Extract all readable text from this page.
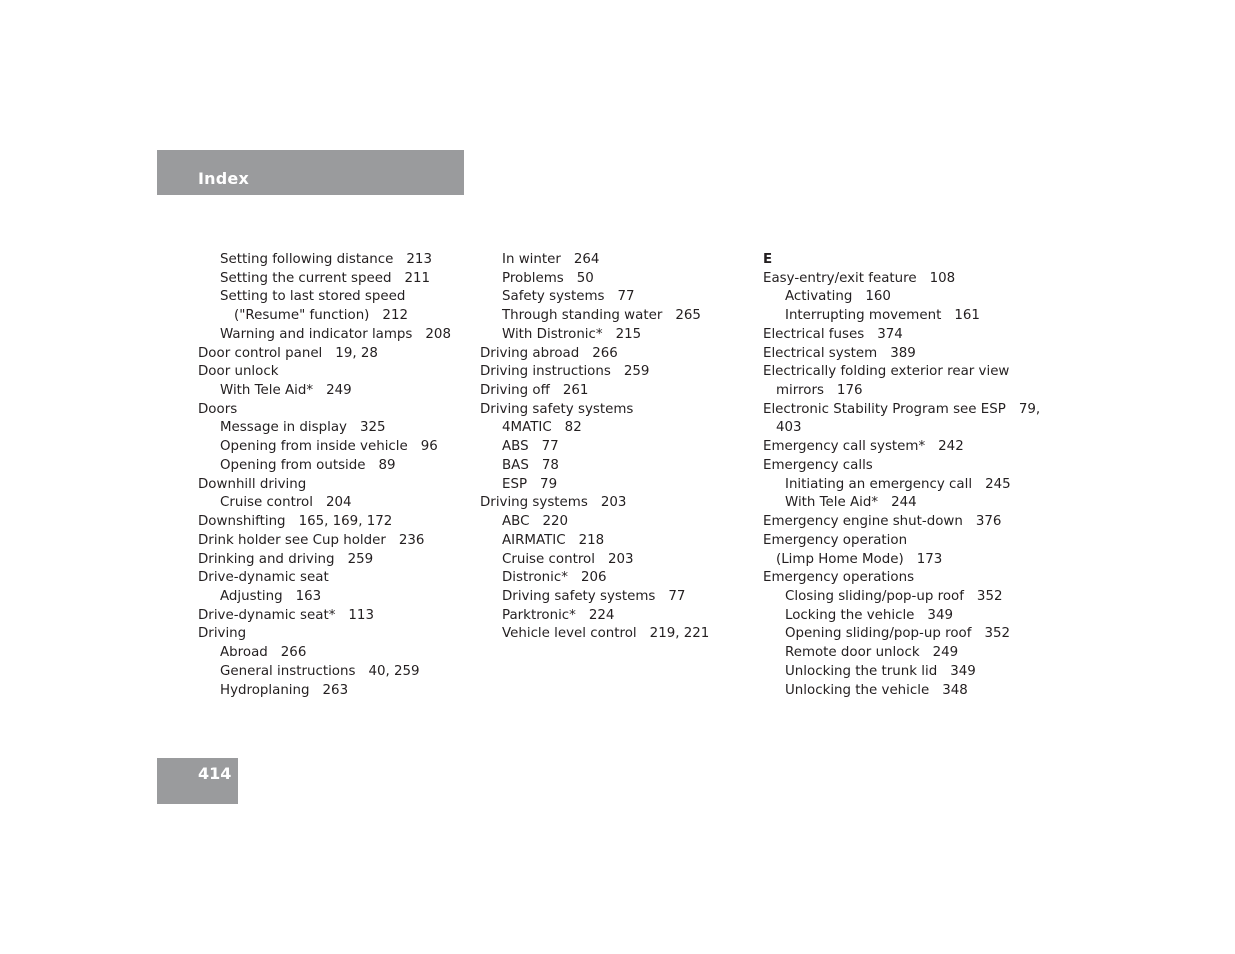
Index
Setting following distance 213
Setting the current speed 211
Setting to last stored speed
("Resume" function) 212
Warning and indicator lamps 208
Door control panel 19, 28
Door unlock
With Tele Aid* 249
Doors
Message in display 325
Opening from inside vehicle 96
Opening from outside 89
Downhill driving
Cruise control 204
Downshifting 165, 169, 172
Drink holder see Cup holder 236
Drinking and driving 259
Drive-dynamic seat
Adjusting 163
Drive-dynamic seat* 113
Driving
Abroad 266
General instructions 40, 259
Hydroplaning 263
In winter 264
Problems 50
Safety systems 77
Through standing water 265
With Distronic* 215
Driving abroad 266
Driving instructions 259
Driving off 261
Driving safety systems
4MATIC 82
ABS 77
BAS 78
ESP 79
Driving systems 203
ABC 220
AIRMATIC 218
Cruise control 203
Distronic* 206
Driving safety systems 77
Parktronic* 224
Vehicle level control 219, 221
E
Easy-entry/exit feature 108
Activating 160
Interrupting movement 161
Electrical fuses 374
Electrical system 389
Electrically folding exterior rear view
mirrors 176
Electronic Stability Program see ESP 79,
403
Emergency call system* 242
Emergency calls
Initiating an emergency call 245
With Tele Aid* 244
Emergency engine shut-down 376
Emergency operation
(Limp Home Mode) 173
Emergency operations
Closing sliding/pop-up roof 352
Locking the vehicle 349
Opening sliding/pop-up roof 352
Remote door unlock 249
Unlocking the trunk lid 349
Unlocking the vehicle 348
414
